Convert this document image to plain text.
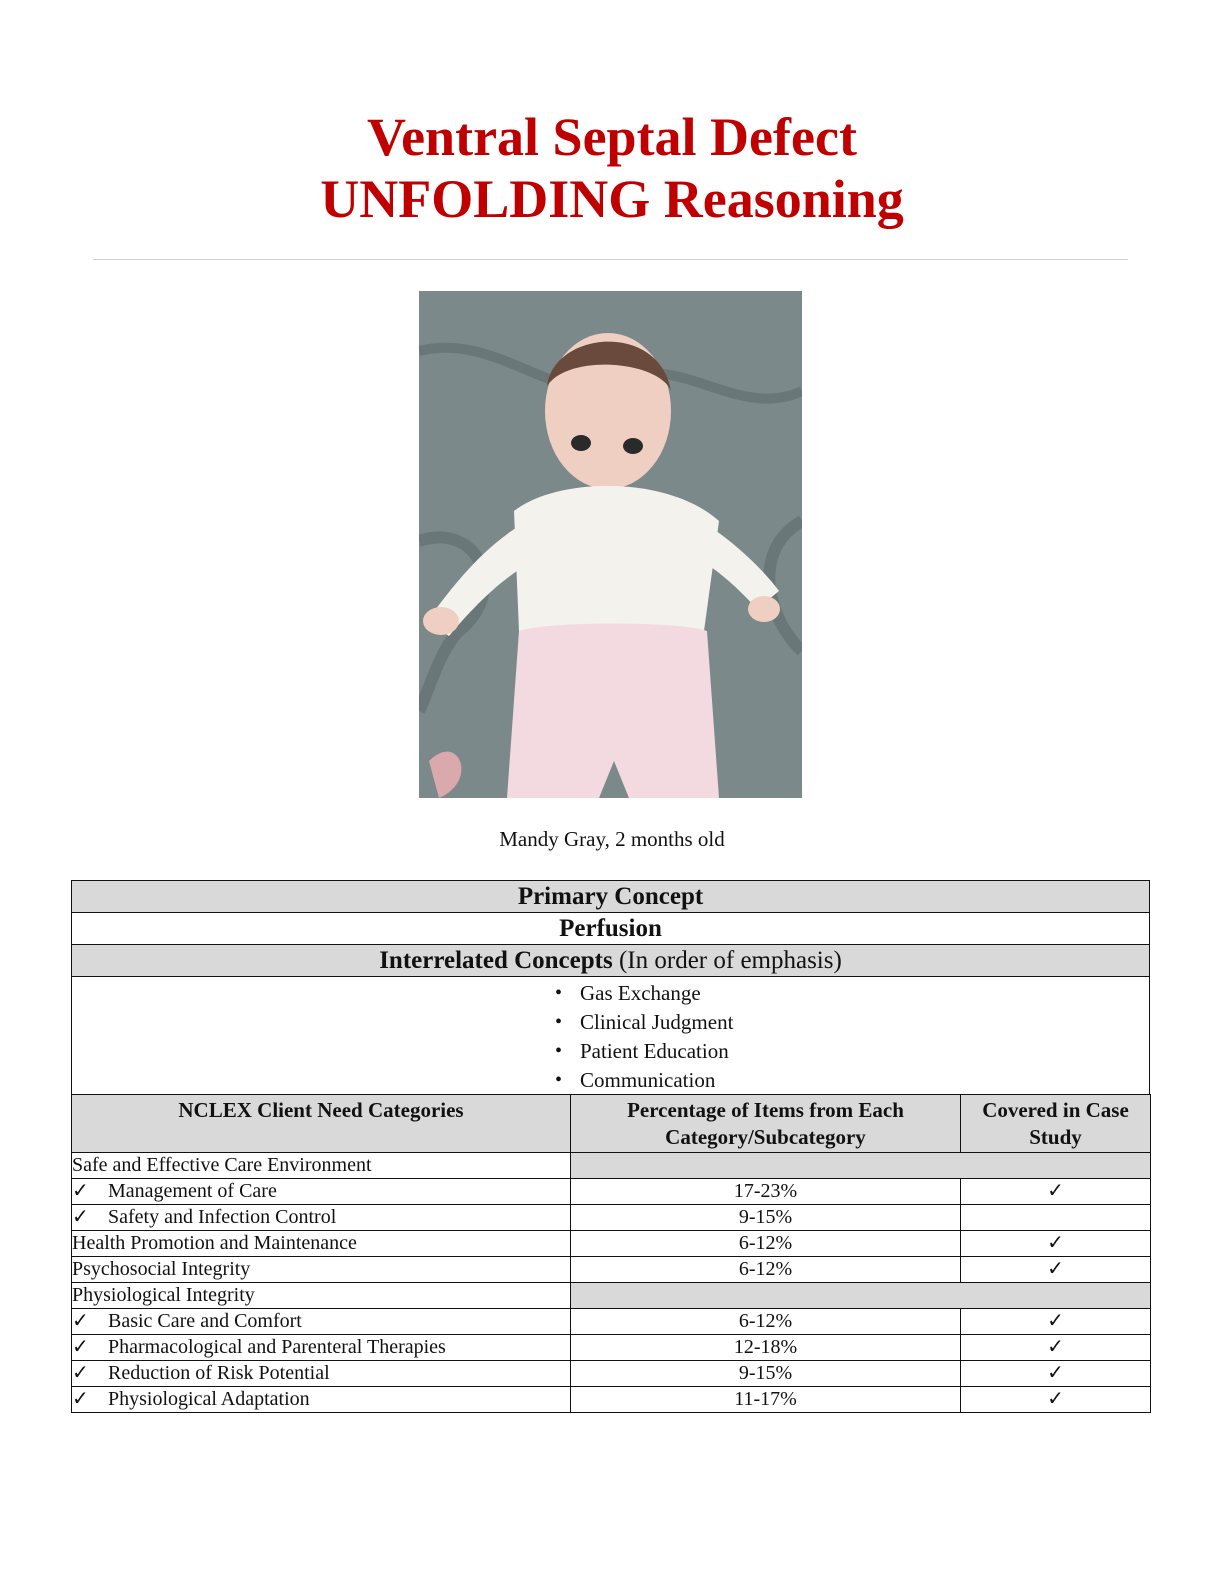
Ventral Septal Defect
UNFOLDING Reasoning
Mandy Gray, 2 months old
Primary Concept
Perfusion
Interrelated Concepts (In order of emphasis)

• Gas Exchange
• Clinical Judgment
• Patient Education
• Communication
NCLEX Client Need Categories	Percentage of Items from Each Category/Subcategory	Covered in Case Study
Safe and Effective Care Environment		
✓ Management of Care	17-23%	✓
✓ Safety and Infection Control	9-15%	
Health Promotion and Maintenance	6-12%	✓
Psychosocial Integrity	6-12%	✓
Physiological Integrity		
✓ Basic Care and Comfort	6-12%	✓
✓ Pharmacological and Parenteral Therapies	12-18%	✓
✓ Reduction of Risk Potential	9-15%	✓
✓ Physiological Adaptation	11-17%	✓
